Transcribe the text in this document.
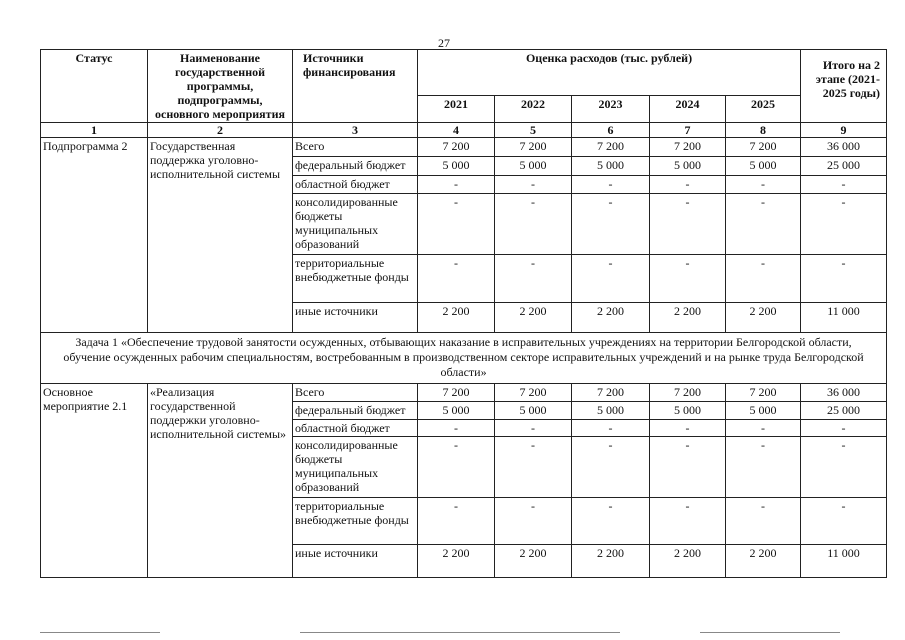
27
Статус	Наименование государственной программы, подпрограммы, основного мероприятия	Источники финансирования	Оценка расходов (тыс. рублей)					Итого на 2 этапе (2021-2025 годы)
			2021	2022	2023	2024	2025	
1	2	3	4	5	6	7	8	9
Подпрограмма 2	Государственная поддержка уголовно-исполнительной системы	Всего	7 200	7 200	7 200	7 200	7 200	36 000
		федеральный бюджет	5 000	5 000	5 000	5 000	5 000	25 000
		областной бюджет	-	-	-	-	-	-
		консолидированные бюджеты муниципальных образований	-	-	-	-	-	-
		территориальные внебюджетные фонды	-	-	-	-	-	-
		иные источники	2 200	2 200	2 200	2 200	2 200	11 000
Задача 1 «Обеспечение трудовой занятости осужденных, отбывающих наказание в исправительных учреждениях на территории Белгородской области, обучение осужденных рабочим специальностям, востребованным в производственном секторе исправительных учреждений и на рынке труда Белгородской области»								
Основное мероприятие 2.1	«Реализация государственной поддержки уголовно-исполнительной системы»	Всего	7 200	7 200	7 200	7 200	7 200	36 000
		федеральный бюджет	5 000	5 000	5 000	5 000	5 000	25 000
		областной бюджет	-	-	-	-	-	-
		консолидированные бюджеты муниципальных образований	-	-	-	-	-	-
		территориальные внебюджетные фонды	-	-	-	-	-	-
		иные источники	2 200	2 200	2 200	2 200	2 200	11 000
